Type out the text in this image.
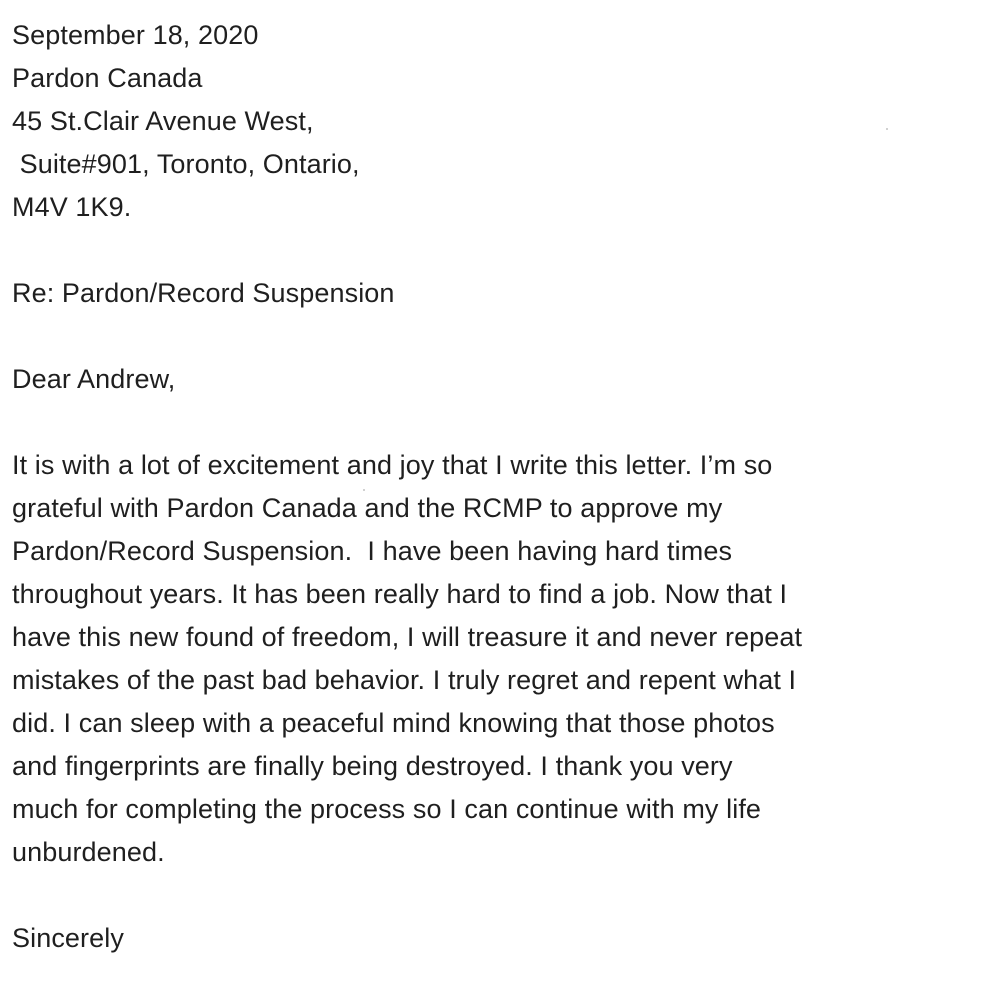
September 18, 2020
Pardon Canada
45 St.Clair Avenue West,
Suite#901, Toronto, Ontario,
M4V 1K9.
Re: Pardon/Record Suspension
Dear Andrew,
It is with a lot of excitement and joy that I write this letter. I’m so
grateful with Pardon Canada and the RCMP to approve my
Pardon/Record Suspension.  I have been having hard times
throughout years. It has been really hard to find a job. Now that I
have this new found of freedom, I will treasure it and never repeat
mistakes of the past bad behavior. I truly regret and repent what I
did. I can sleep with a peaceful mind knowing that those photos
and fingerprints are finally being destroyed. I thank you very
much for completing the process so I can continue with my life
unburdened.
Sincerely
